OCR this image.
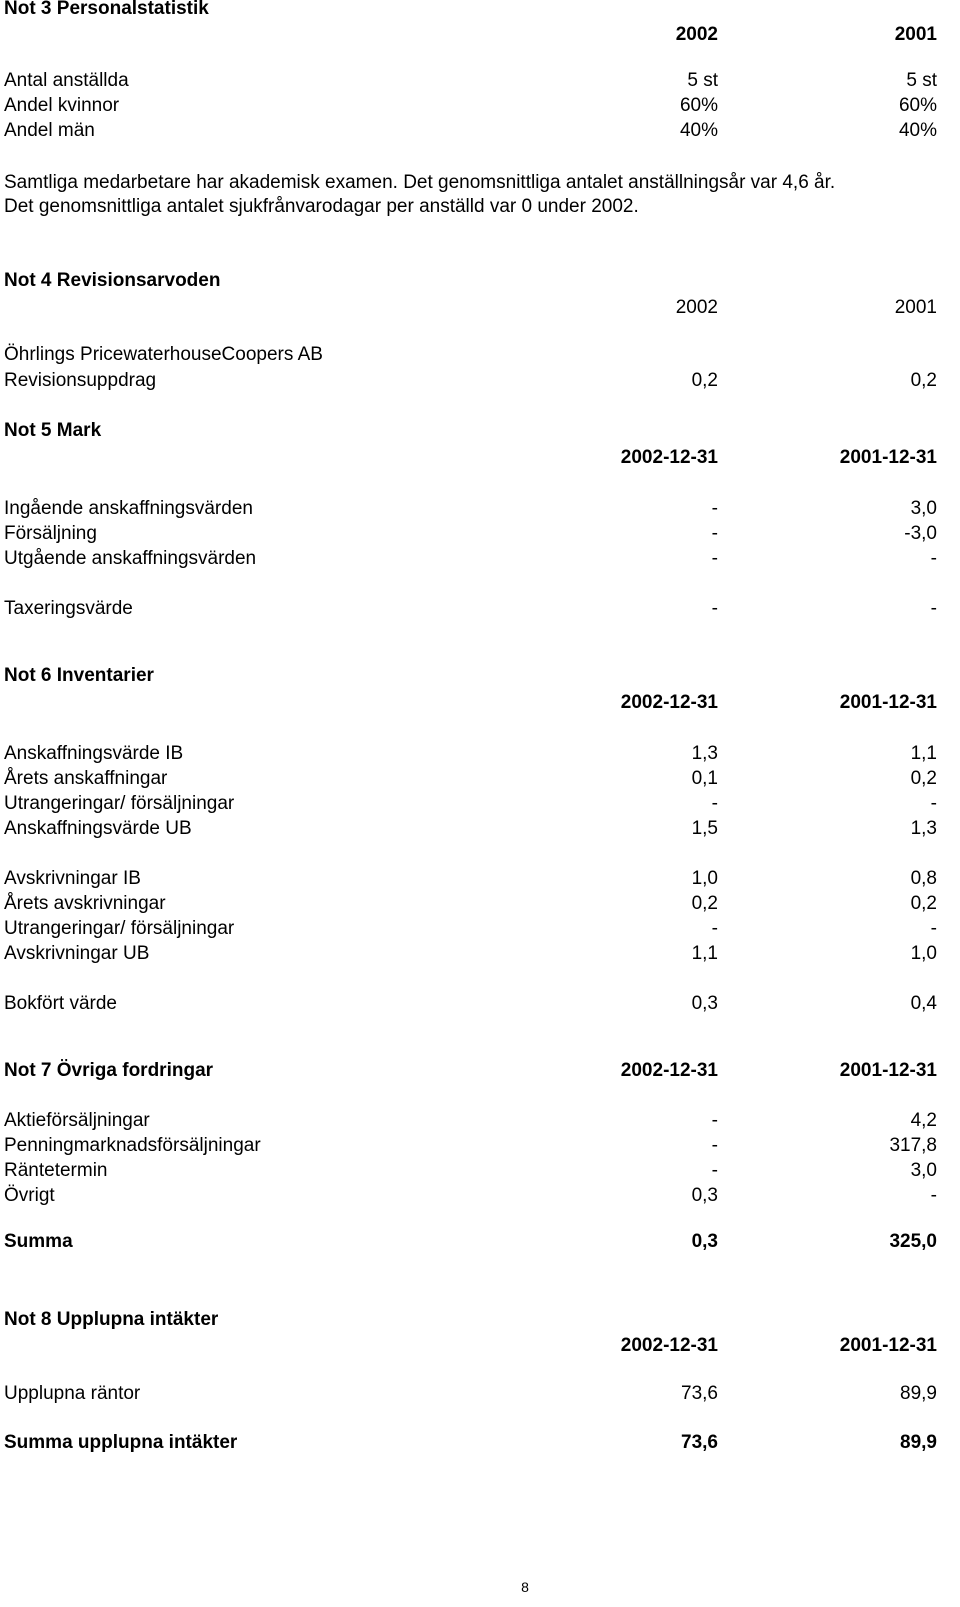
Not 3 Personalstatistik
2002	2001
Antal anställda	5 st	5 st
Andel kvinnor	60%	60%
Andel män	40%	40%
Samtliga medarbetare har akademisk examen. Det genomsnittliga antalet anställningsår var 4,6 år.
Det genomsnittliga antalet sjukfrånvarodagar per anställd var 0 under 2002.
Not 4 Revisionsarvoden
2002	2001
Öhrlings PricewaterhouseCoopers AB
Revisionsuppdrag	0,2	0,2
Not 5 Mark
2002-12-31	2001-12-31
Ingående anskaffningsvärden	-	3,0
Försäljning	-	-3,0
Utgående anskaffningsvärden	-	-
Taxeringsvärde	-	-
Not 6 Inventarier
2002-12-31	2001-12-31
Anskaffningsvärde IB	1,3	1,1
Årets anskaffningar	0,1	0,2
Utrangeringar/ försäljningar	-	-
Anskaffningsvärde UB	1,5	1,3
Avskrivningar IB	1,0	0,8
Årets avskrivningar	0,2	0,2
Utrangeringar/ försäljningar	-	-
Avskrivningar UB	1,1	1,0
Bokfört värde	0,3	0,4
Not 7 Övriga fordringar	2002-12-31	2001-12-31
Aktieförsäljningar	-	4,2
Penningmarknadsförsäljningar	-	317,8
Räntetermin	-	3,0
Övrigt	0,3	-
Summa	0,3	325,0
Not 8 Upplupna intäkter
2002-12-31	2001-12-31
Upplupna räntor	73,6	89,9
Summa upplupna intäkter	73,6	89,9
8
